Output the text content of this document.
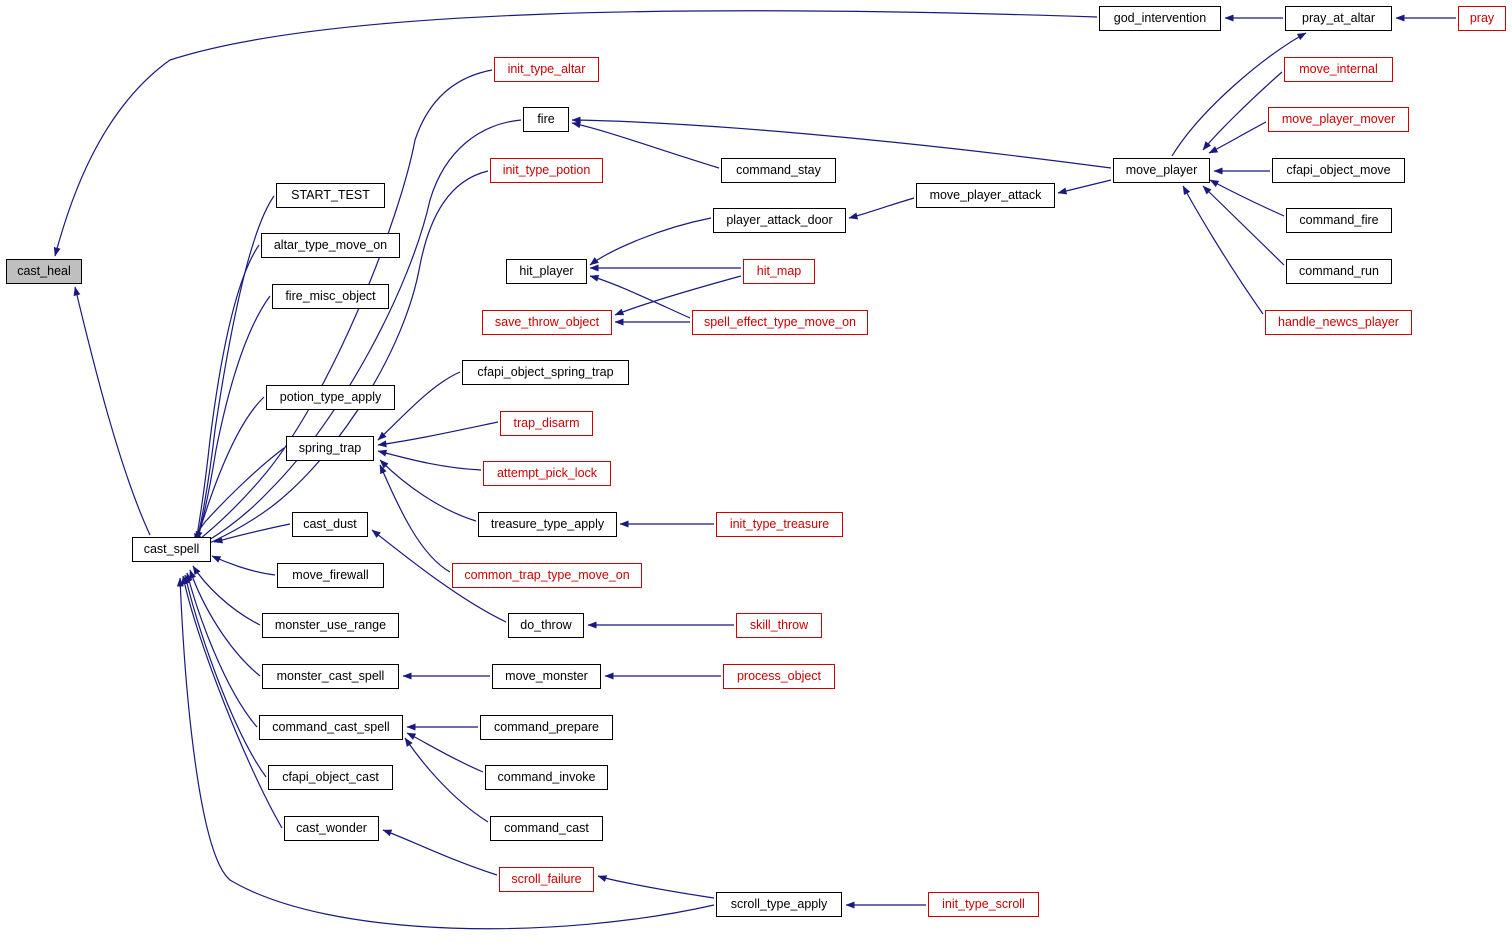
cast_heal
god_intervention	pray_at_altar	pray
init_type_altar	move_internal
fire	move_player_mover
init_type_potion	command_stay	move_player	cfapi_object_move
START_TEST	move_player_attack
player_attack_door	command_fire
altar_type_move_on
hit_player	hit_map	command_run
fire_misc_object
save_throw_object	spell_effect_type_move_on	handle_newcs_player
cfapi_object_spring_trap
potion_type_apply
trap_disarm
spring_trap
attempt_pick_lock
treasure_type_apply	init_type_treasure
cast_dust
cast_spell
move_firewall	common_trap_type_move_on
monster_use_range	do_throw	skill_throw
monster_cast_spell	move_monster	process_object
command_cast_spell	command_prepare
cfapi_object_cast	command_invoke
cast_wonder	command_cast
scroll_failure
scroll_type_apply	init_type_scroll
